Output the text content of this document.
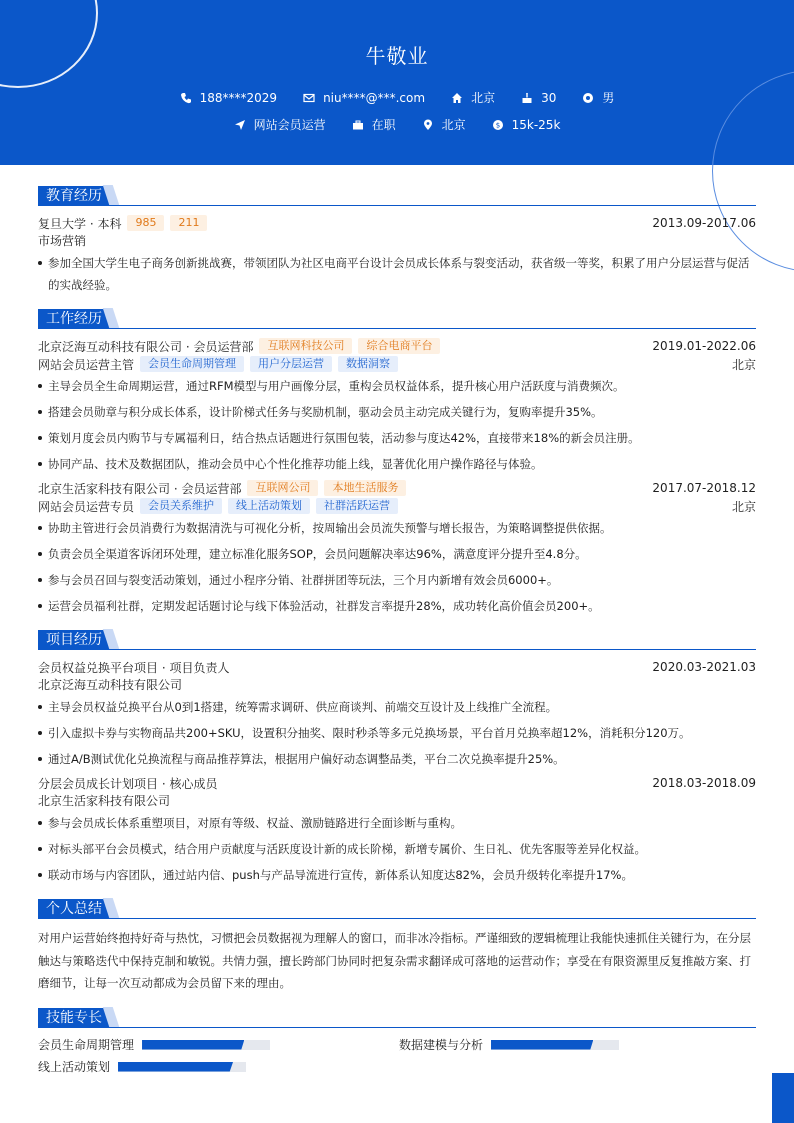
牛敬业
188****2029	niu****@***.com	北京	30	男
网站会员运营	在职	北京	$ 15k-25k
教育经历
复旦大学 · 本科	985	211	2013.09-2017.06
市场营销
参加全国大学生电子商务创新挑战赛，带领团队为社区电商平台设计会员成长体系与裂变活动，获省级一等奖，积累了用户分层运营与促活的实战经验。
工作经历
北京泛海互动科技有限公司 · 会员运营部	互联网科技公司	综合电商平台	2019.01-2022.06
网站会员运营主管	会员生命周期管理	用户分层运营	数据洞察	北京
主导会员全生命周期运营，通过RFM模型与用户画像分层，重构会员权益体系，提升核心用户活跃度与消费频次。
搭建会员勋章与积分成长体系，设计阶梯式任务与奖励机制，驱动会员主动完成关键行为，复购率提升35%。
策划月度会员内购节与专属福利日，结合热点话题进行氛围包装，活动参与度达42%，直接带来18%的新会员注册。
协同产品、技术及数据团队，推动会员中心个性化推荐功能上线，显著优化用户操作路径与体验。
北京生活家科技有限公司 · 会员运营部	互联网公司	本地生活服务	2017.07-2018.12
网站会员运营专员	会员关系维护	线上活动策划	社群活跃运营	北京
协助主管进行会员消费行为数据清洗与可视化分析，按周输出会员流失预警与增长报告，为策略调整提供依据。
负责会员全渠道客诉闭环处理，建立标准化服务SOP，会员问题解决率达96%，满意度评分提升至4.8分。
参与会员召回与裂变活动策划，通过小程序分销、社群拼团等玩法，三个月内新增有效会员6000+。
运营会员福利社群，定期发起话题讨论与线下体验活动，社群发言率提升28%，成功转化高价值会员200+。
项目经历
会员权益兑换平台项目 · 项目负责人	2020.03-2021.03
北京泛海互动科技有限公司
主导会员权益兑换平台从0到1搭建，统筹需求调研、供应商谈判、前端交互设计及上线推广全流程。
引入虚拟卡券与实物商品共200+SKU，设置积分抽奖、限时秒杀等多元兑换场景，平台首月兑换率超12%，消耗积分120万。
通过A/B测试优化兑换流程与商品推荐算法，根据用户偏好动态调整品类，平台二次兑换率提升25%。
分层会员成长计划项目 · 核心成员	2018.03-2018.09
北京生活家科技有限公司
参与会员成长体系重塑项目，对原有等级、权益、激励链路进行全面诊断与重构。
对标头部平台会员模式，结合用户贡献度与活跃度设计新的成长阶梯，新增专属价、生日礼、优先客服等差异化权益。
联动市场与内容团队，通过站内信、push与产品导流进行宣传，新体系认知度达82%，会员升级转化率提升17%。
个人总结
对用户运营始终抱持好奇与热忱，习惯把会员数据视为理解人的窗口，而非冰冷指标。严谨细致的逻辑梳理让我能快速抓住关键行为，在分层触达与策略迭代中保持克制和敏锐。共情力强，擅长跨部门协同时把复杂需求翻译成可落地的运营动作；享受在有限资源里反复推敲方案、打磨细节，让每一次互动都成为会员留下来的理由。
技能专长
会员生命周期管理	数据建模与分析
线上活动策划
